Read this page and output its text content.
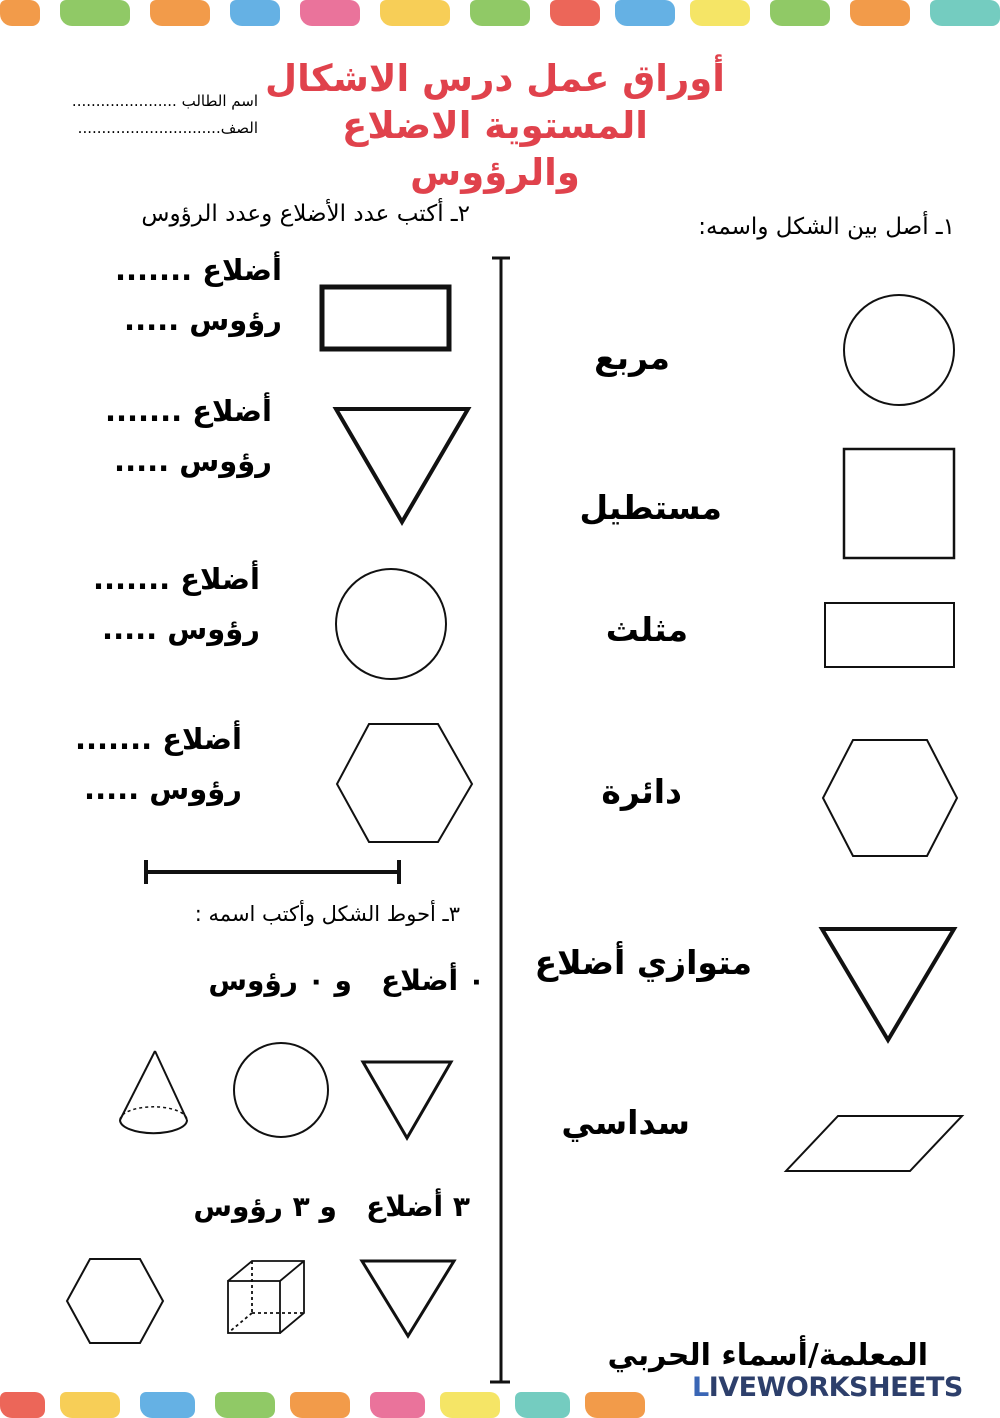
أوراق عمل درس الاشكال
المستوية الاضلاع والرؤوس
اسم الطالب ......................
الصف..............................
١ـ أصل بين الشكل واسمه:
٢ـ أكتب عدد الأضلاع وعدد الرؤوس
٣ـ أحوط الشكل وأكتب اسمه :
مربع
مستطيل
مثلث
دائرة
متوازي أضلاع
سداسي
أضلاع .......
رؤوس .....
أضلاع .......
رؤوس .....
أضلاع .......
رؤوس .....
أضلاع .......
رؤوس .....
٠ أضلاع   و ٠ رؤوس
٣ أضلاع   و ٣ رؤوس
المعلمة/أسماء الحربي
LIVEWORKSHEETS
